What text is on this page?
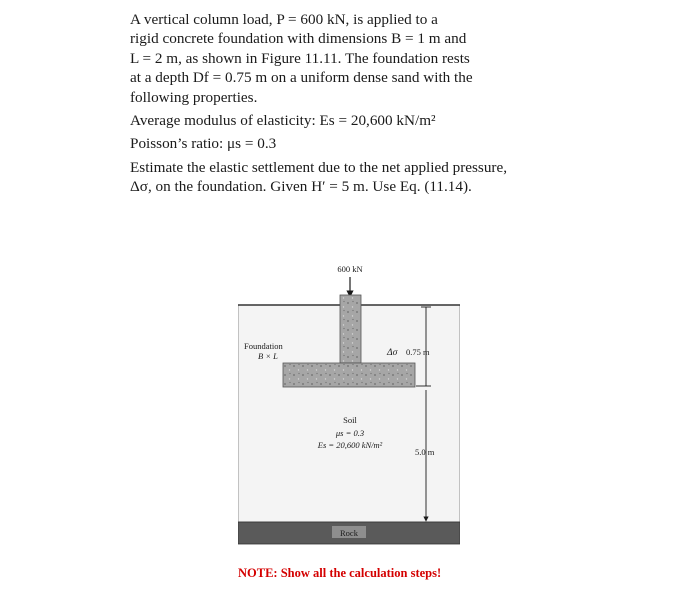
A vertical column load, P = 600 kN, is applied to a

rigid concrete foundation with dimensions B = 1 m and

L = 2 m, as shown in Figure 11.11. The foundation rests

at a depth Df = 0.75 m on a uniform dense sand with the

following properties.

Average modulus of elasticity: Es = 20,600 kN/m²

Poisson’s ratio: μs = 0.3

Estimate the elastic settlement due to the net applied pressure,

Δσ, on the foundation. Given H′ = 5 m. Use Eq. (11.14).

600 kN
Foundation
B × L	Δσ 0.75 m
5.0 m
Soil
μs = 0.3
Es = 20,600 kN/m²
Rock
NOTE: Show all the calculation steps!
